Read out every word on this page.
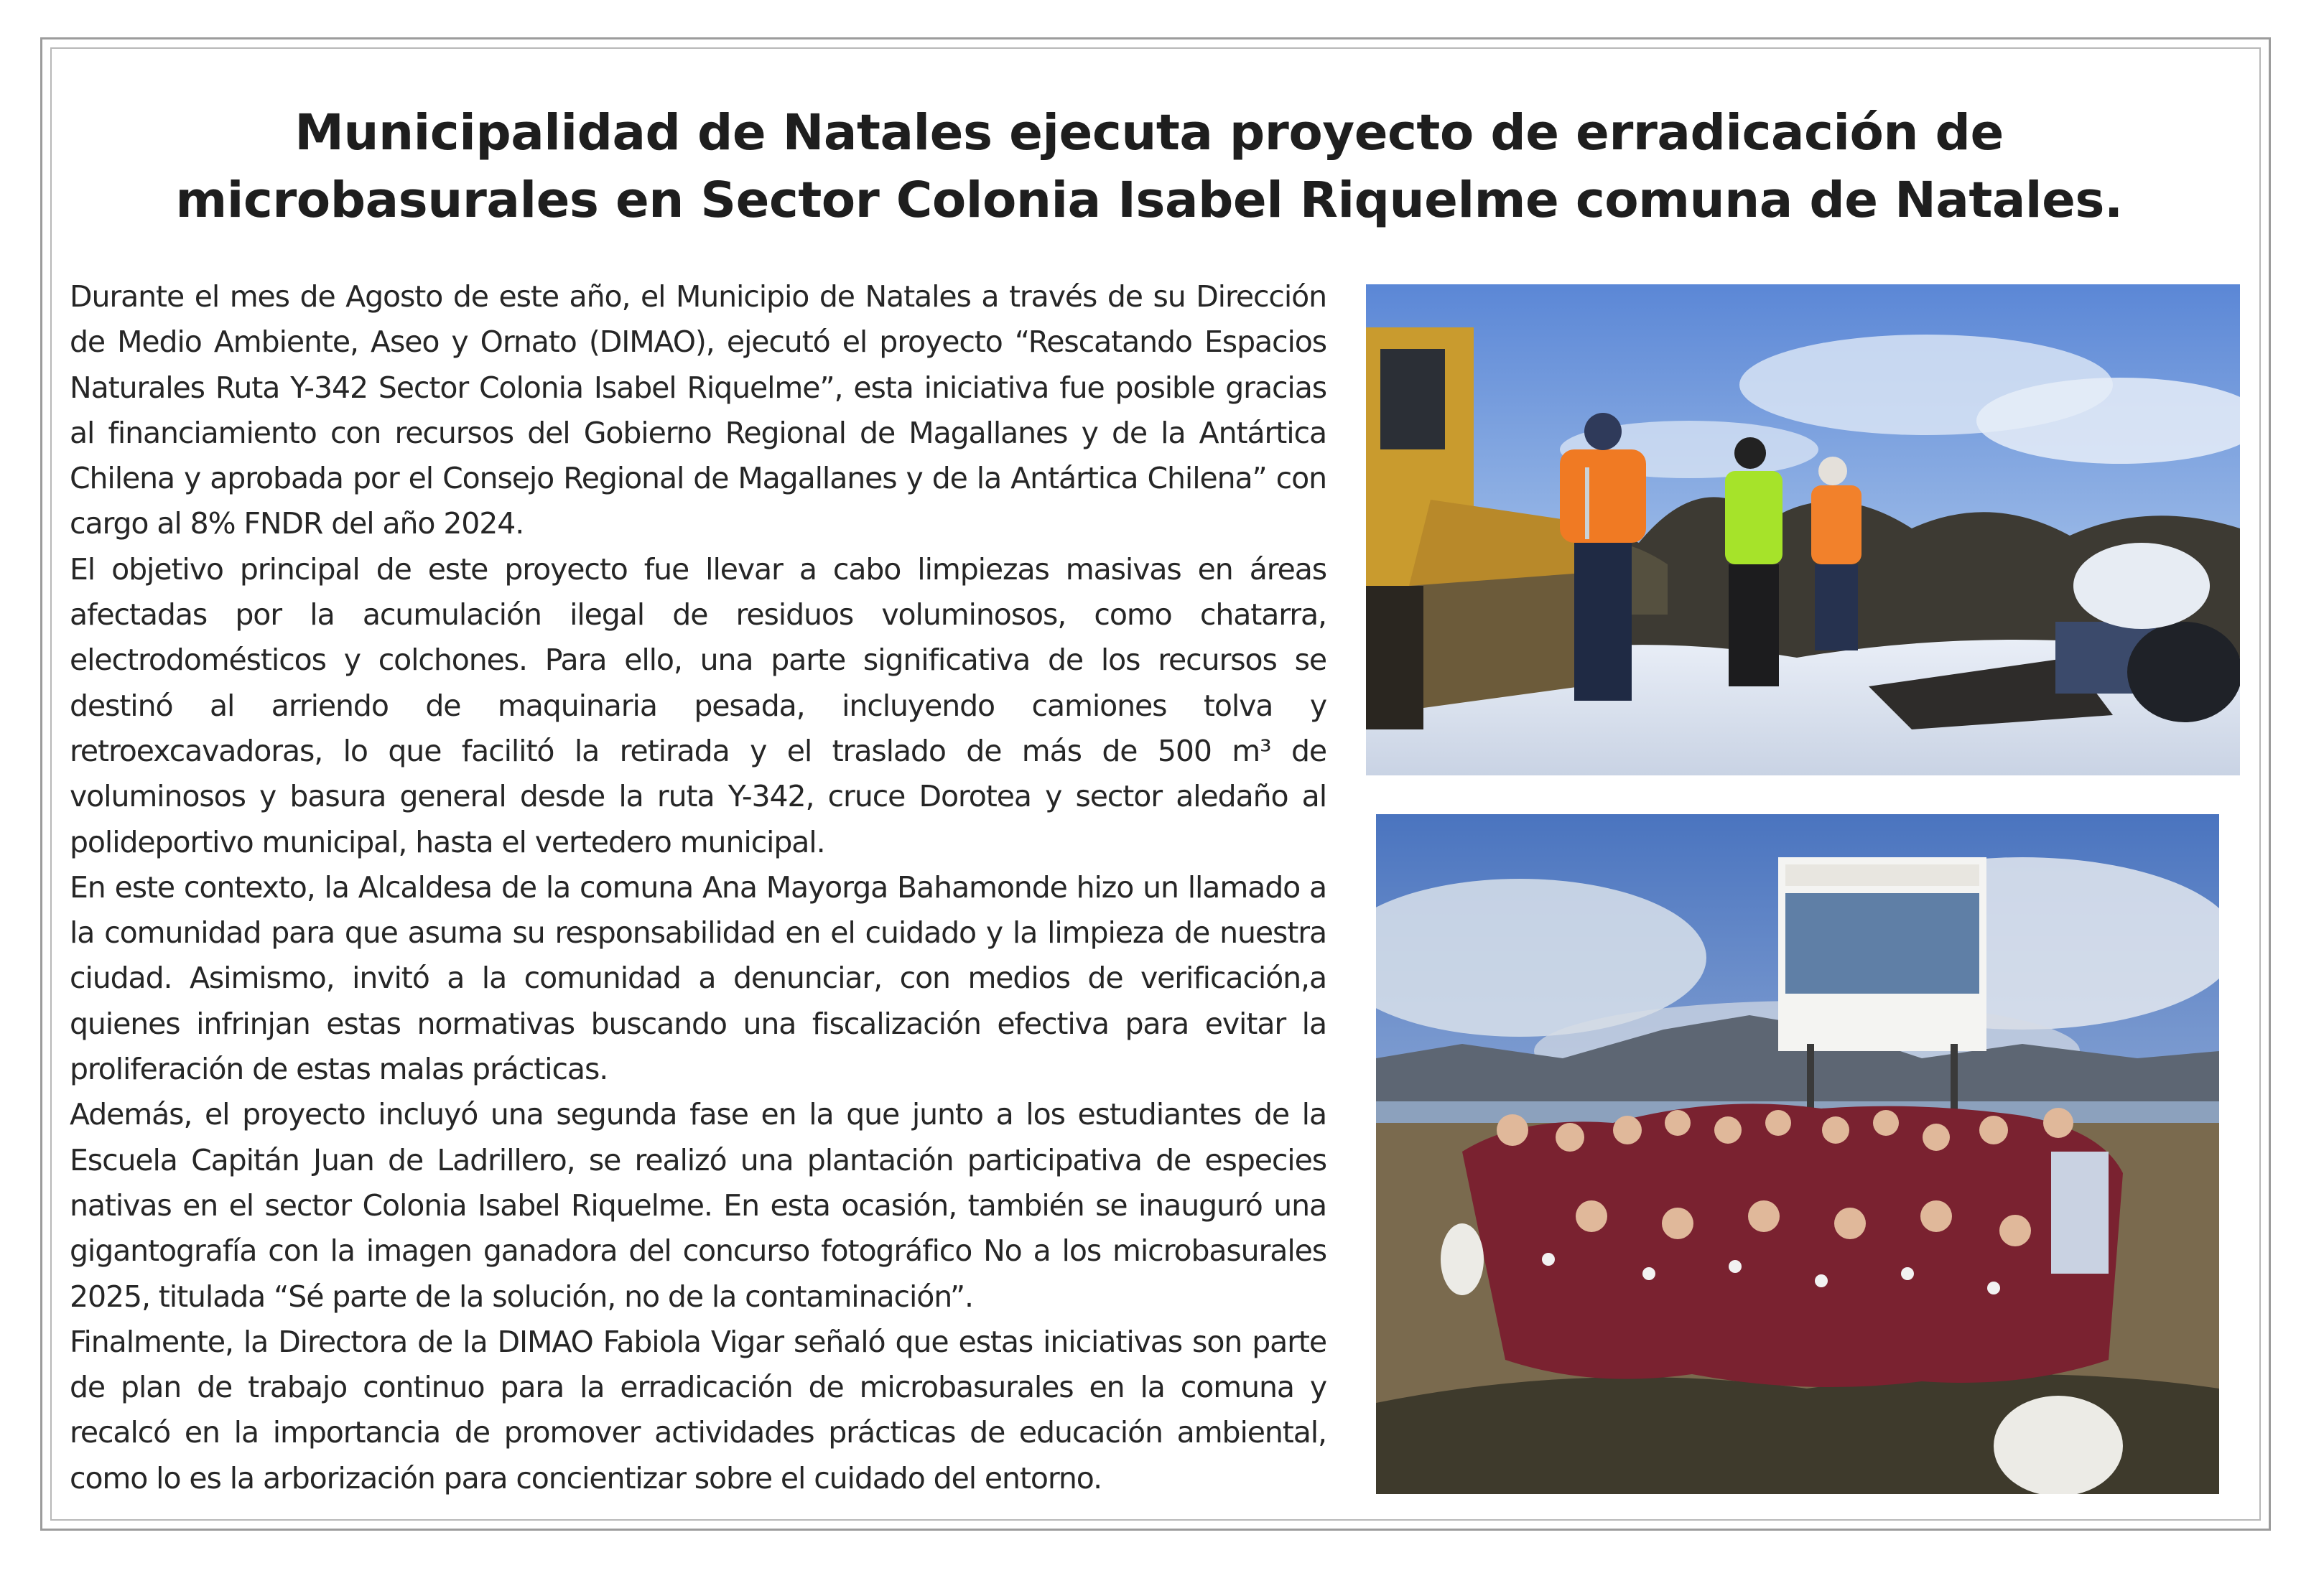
Municipalidad de Natales ejecuta proyecto de erradicación de microbasurales en Sector Colonia Isabel Riquelme comuna de Natales.

Durante el mes de Agosto de este año, el Municipio de Natales a través de su Dirección de Medio Ambiente, Aseo y Ornato (DIMAO), ejecutó el proyecto “Rescatando Espacios Naturales Ruta Y-342 Sector Colonia Isabel Riquelme”, esta iniciativa fue posible gracias al financiamiento con recursos del Gobierno Regional de Magallanes y de la Antártica Chilena y aprobada por el Consejo Regional de Magallanes y de la Antártica Chilena” con cargo al 8% FNDR del año 2024.

El objetivo principal de este proyecto fue llevar a cabo limpiezas masivas en áreas afectadas por la acumulación ilegal de residuos voluminosos, como chatarra, electrodomésticos y colchones. Para ello, una parte significativa de los recursos se destinó al arriendo de maquinaria pesada, incluyendo camiones tolva y retroexcavadoras, lo que facilitó la retirada y el traslado de más de 500 m³ de voluminosos y basura general desde la ruta Y-342, cruce Dorotea y sector aledaño al polideportivo municipal, hasta el vertedero municipal.

En este contexto, la Alcaldesa de la comuna Ana Mayorga Bahamonde hizo un llamado a la comunidad para que asuma su responsabilidad en el cuidado y la limpieza de nuestra ciudad. Asimismo, invitó a la comunidad a denunciar, con medios de verificación,a quienes infrinjan estas normativas buscando una fiscalización efectiva para evitar la proliferación de estas malas prácticas.

Además, el proyecto incluyó una segunda fase en la que junto a los estudiantes de la Escuela Capitán Juan de Ladrillero, se realizó una plantación participativa de especies nativas en el sector Colonia Isabel Riquelme. En esta ocasión, también se inauguró una gigantografía con la imagen ganadora del concurso fotográfico No a los microbasurales 2025, titulada “Sé parte de la solución, no de la contaminación”.

Finalmente, la Directora de la DIMAO Fabiola Vigar señaló que estas iniciativas son parte de plan de trabajo continuo para la erradicación de microbasurales en la comuna y recalcó en la importancia de promover actividades prácticas de educación ambiental, como lo es la arborización para concientizar sobre el cuidado del entorno.
